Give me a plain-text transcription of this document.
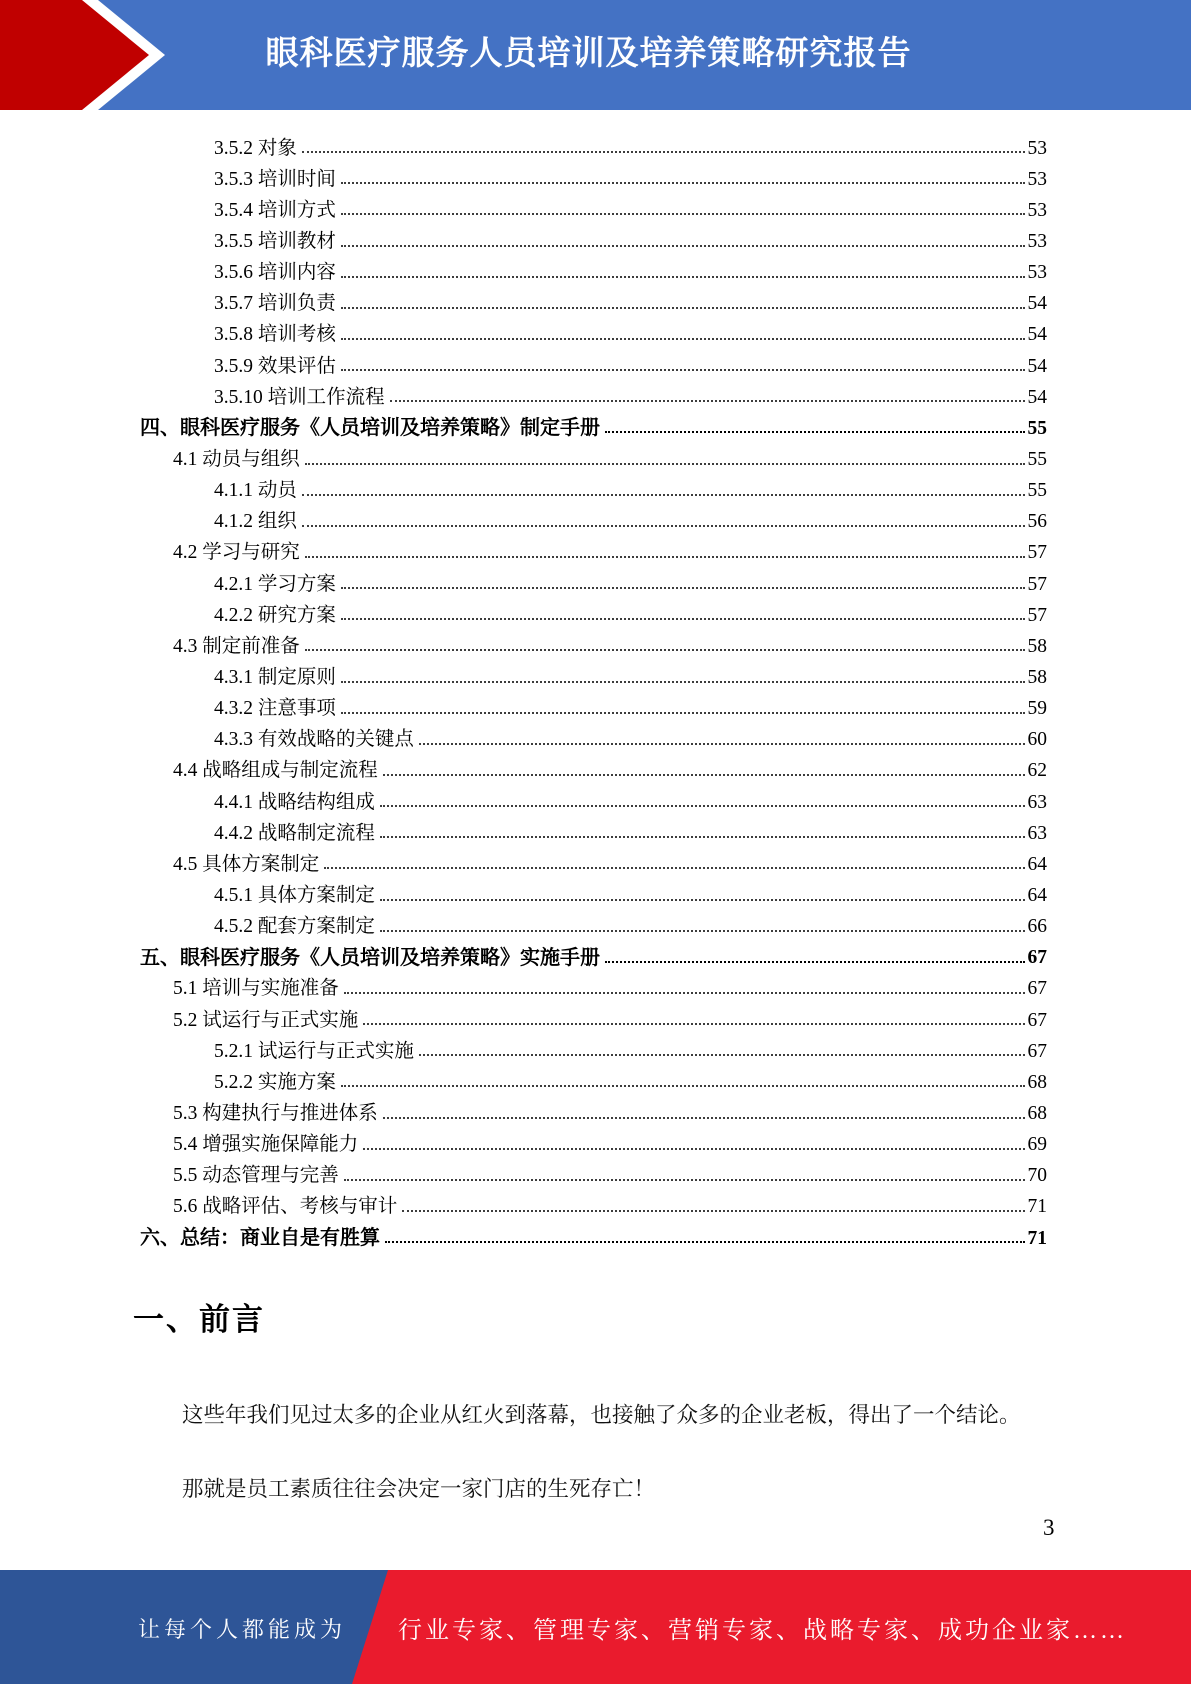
眼科医疗服务人员培训及培养策略研究报告
3.5.2 对象	53
3.5.3 培训时间	53
3.5.4 培训方式	53
3.5.5 培训教材	53
3.5.6 培训内容	53
3.5.7 培训负责	54
3.5.8 培训考核	54
3.5.9 效果评估	54
3.5.10 培训工作流程	54
四、眼科医疗服务《人员培训及培养策略》制定手册	55
4.1 动员与组织	55
4.1.1 动员	55
4.1.2 组织	56
4.2 学习与研究	57
4.2.1 学习方案	57
4.2.2 研究方案	57
4.3 制定前准备	58
4.3.1 制定原则	58
4.3.2 注意事项	59
4.3.3 有效战略的关键点	60
4.4 战略组成与制定流程	62
4.4.1 战略结构组成	63
4.4.2 战略制定流程	63
4.5 具体方案制定	64
4.5.1 具体方案制定	64
4.5.2 配套方案制定	66
五、眼科医疗服务《人员培训及培养策略》实施手册	67
5.1 培训与实施准备	67
5.2 试运行与正式实施	67
5.2.1 试运行与正式实施	67
5.2.2 实施方案	68
5.3 构建执行与推进体系	68
5.4 增强实施保障能力	69
5.5 动态管理与完善	70
5.6 战略评估、考核与审计	71
六、总结：商业自是有胜算	71
一、前言
这些年我们见过太多的企业从红火到落幕，也接触了众多的企业老板，得出了一个结论。
那就是员工素质往往会决定一家门店的生死存亡！
3
让每个人都能成为 行业专家、管理专家、营销专家、战略专家、成功企业家……
